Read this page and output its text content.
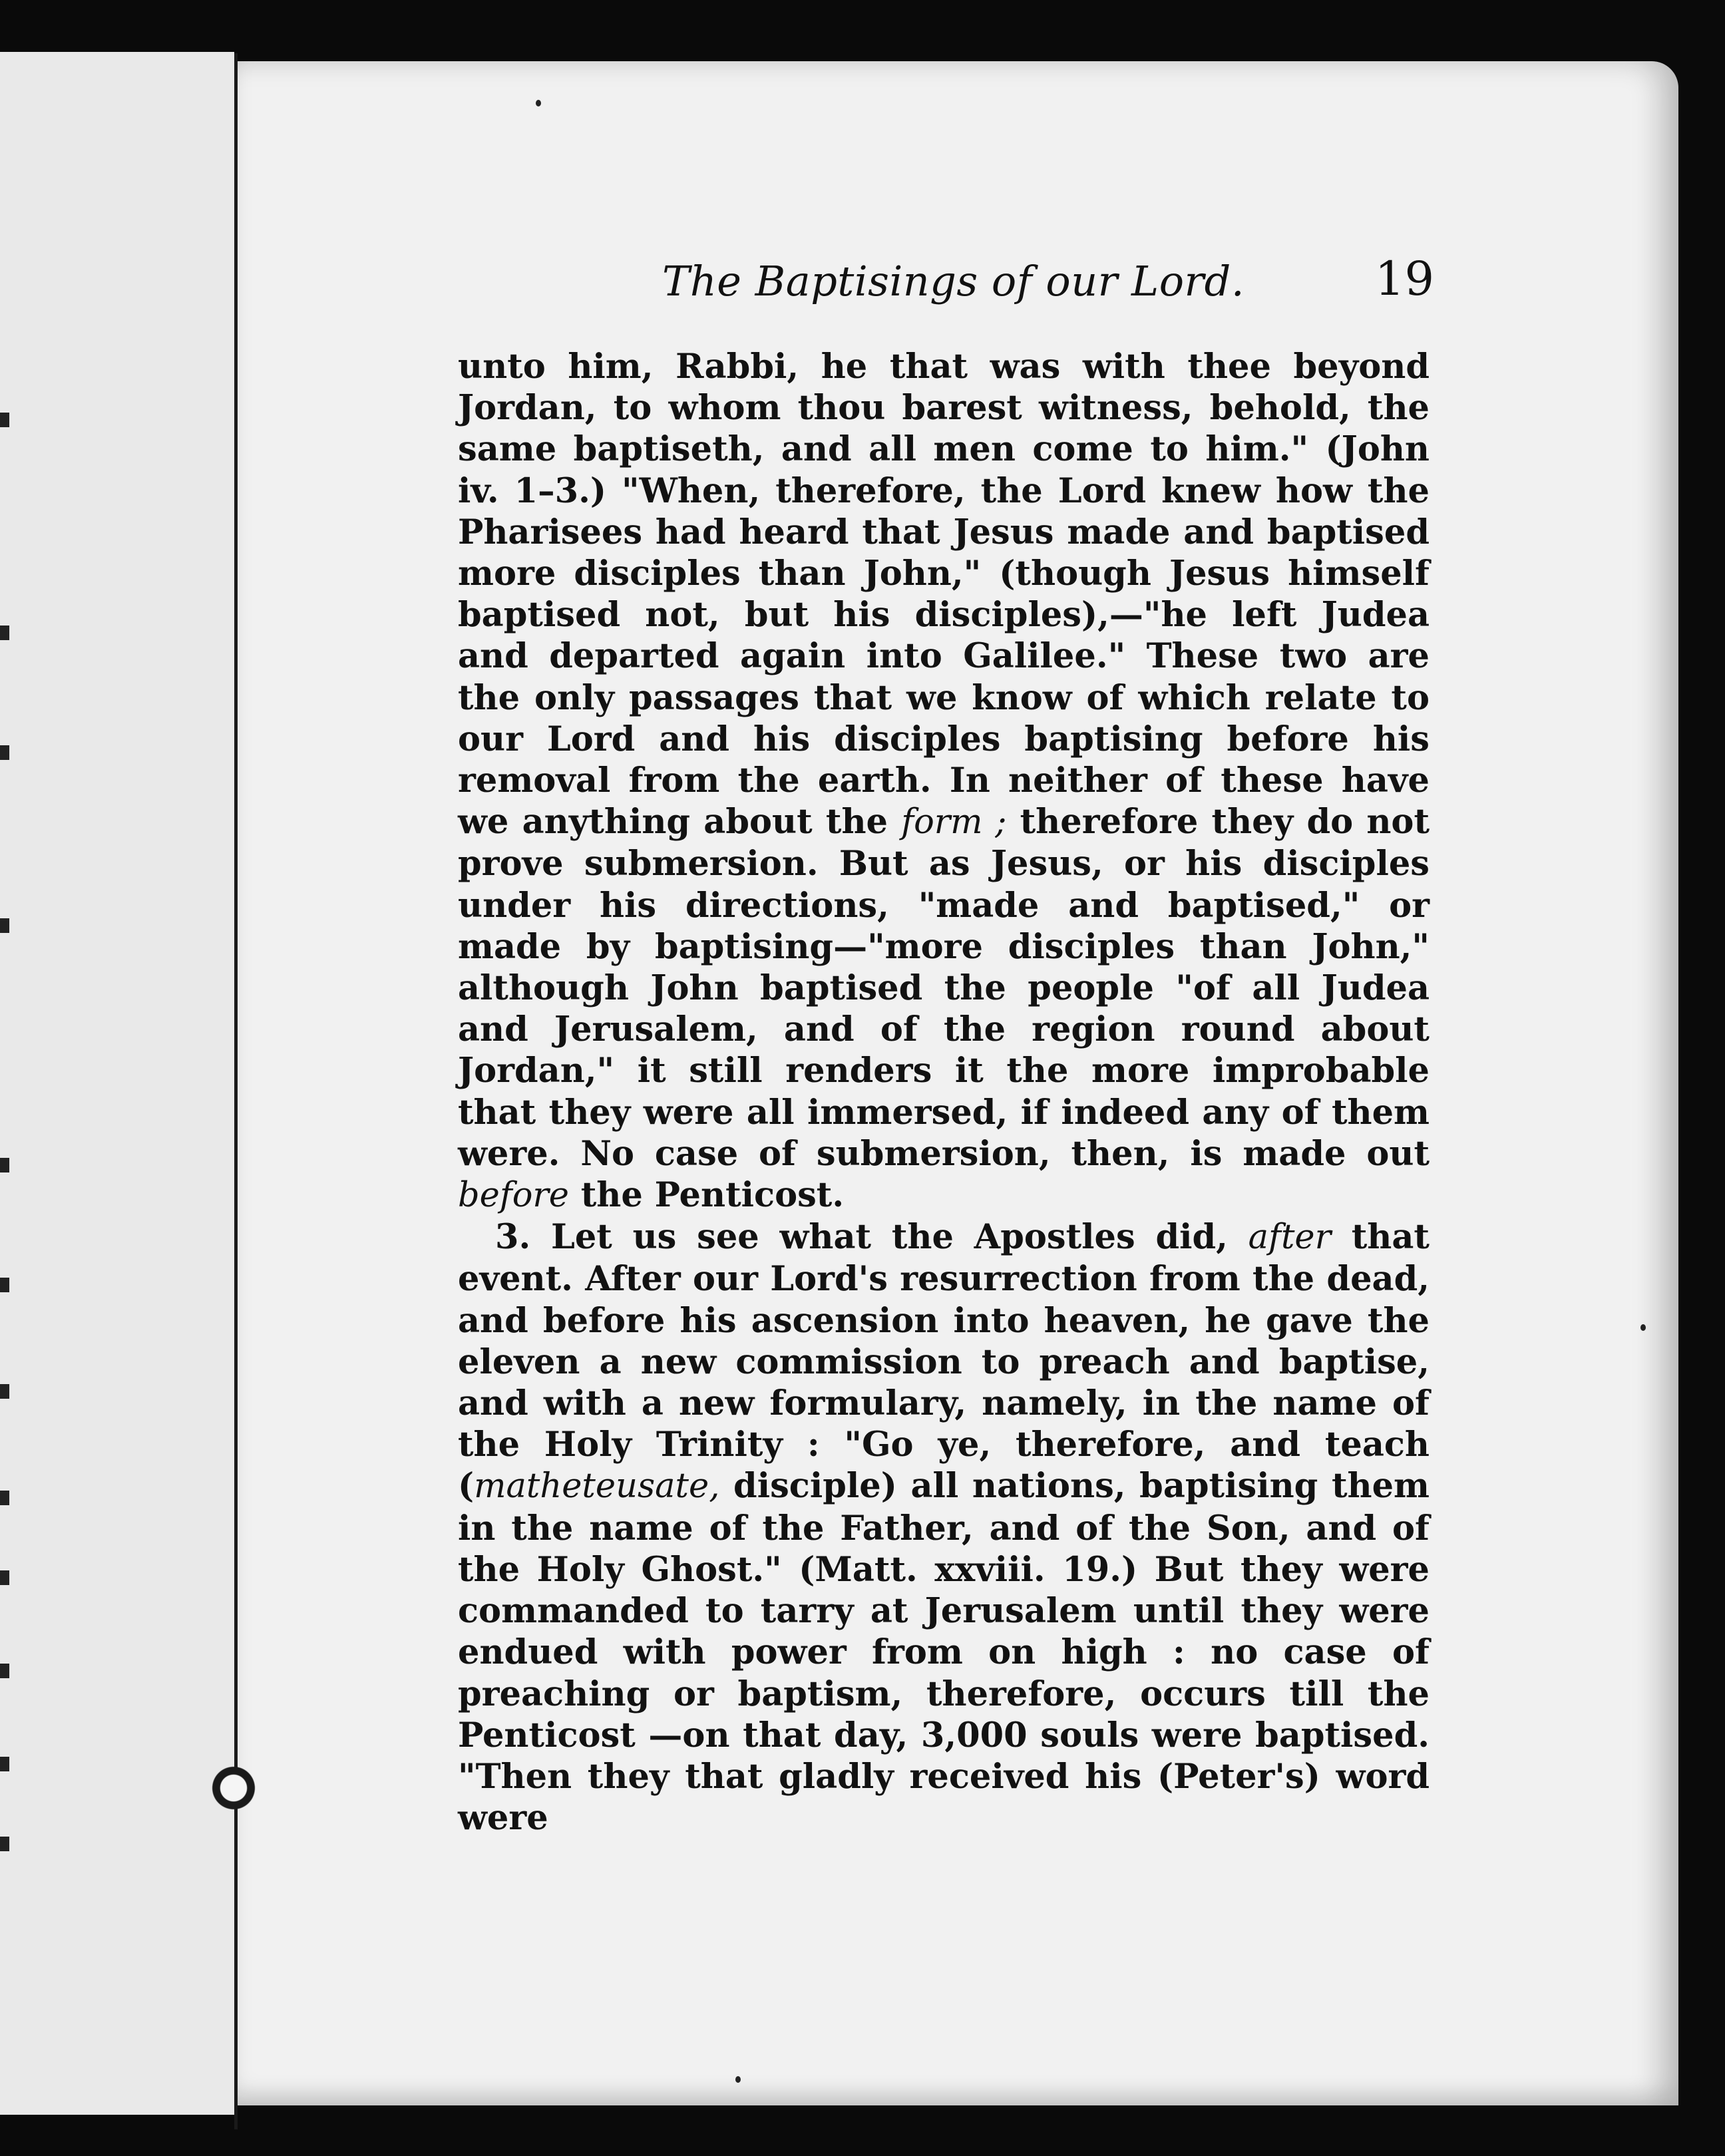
The Baptisings of our Lord.	19

unto him, Rabbi, he that was with thee beyond Jordan, to whom thou barest witness, behold, the same baptiseth, and all men come to him." (John iv. 1–3.) "When, therefore, the Lord knew how the Pharisees had heard that Jesus made and baptised more disciples than John," (though Jesus himself baptised not, but his disciples),—"he left Judea and departed again into Galilee." These two are the only passages that we know of which relate to our Lord and his disciples baptising before his removal from the earth. In neither of these have we anything about the form ; therefore they do not prove submersion. But as Jesus, or his disciples under his directions, "made and baptised," or made by baptising—"more disciples than John," although John baptised the people "of all Judea and Jerusalem, and of the region round about Jordan," it still renders it the more improbable that they were all immersed, if indeed any of them were. No case of submersion, then, is made out before the Penticost.

3. Let us see what the Apostles did, after that event. After our Lord's resurrection from the dead, and before his ascension into heaven, he gave the eleven a new commission to preach and baptise, and with a new formulary, namely, in the name of the Holy Trinity : "Go ye, therefore, and teach (matheteusate, disciple) all nations, baptising them in the name of the Father, and of the Son, and of the Holy Ghost." (Matt. xxviii. 19.) But they were commanded to tarry at Jerusalem until they were endued with power from on high : no case of preaching or baptism, therefore, occurs till the Penticost —on that day, 3,000 souls were baptised. "Then they that gladly received his (Peter's) word were
